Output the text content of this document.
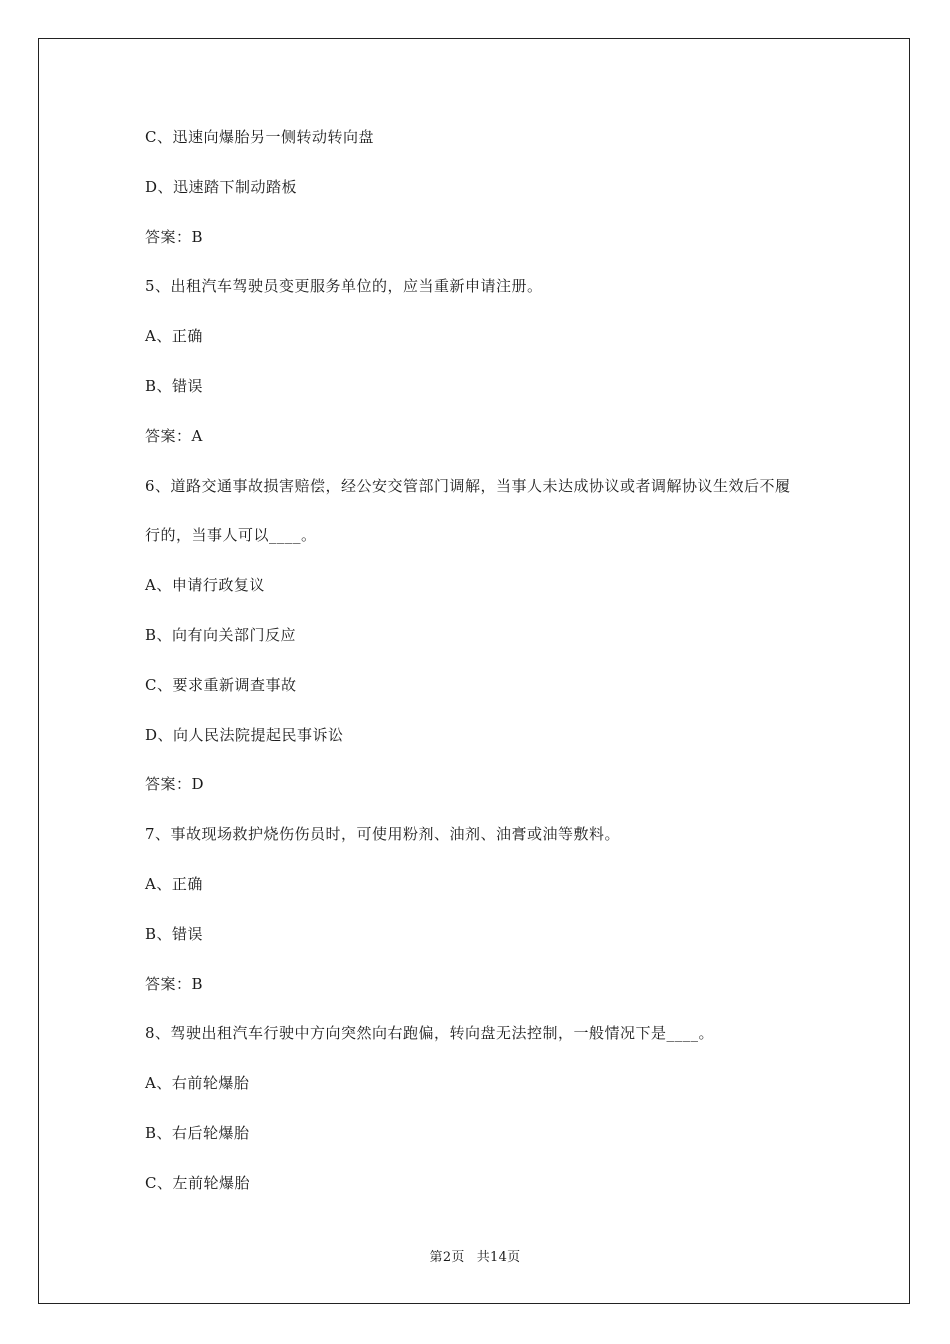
C、迅速向爆胎另一侧转动转向盘
D、迅速踏下制动踏板
答案：B
5、出租汽车驾驶员变更服务单位的，应当重新申请注册。
A、正确
B、错误
答案：A
6、道路交通事故损害赔偿，经公安交管部门调解，当事人未达成协议或者调解协议生效后不履
行的，当事人可以____。
A、申请行政复议
B、向有向关部门反应
C、要求重新调查事故
D、向人民法院提起民事诉讼
答案：D
7、事故现场救护烧伤伤员时，可使用粉剂、油剂、油膏或油等敷料。
A、正确
B、错误
答案：B
8、驾驶出租汽车行驶中方向突然向右跑偏，转向盘无法控制，一般情况下是____。
A、右前轮爆胎
B、右后轮爆胎
C、左前轮爆胎
第2页 共14页
